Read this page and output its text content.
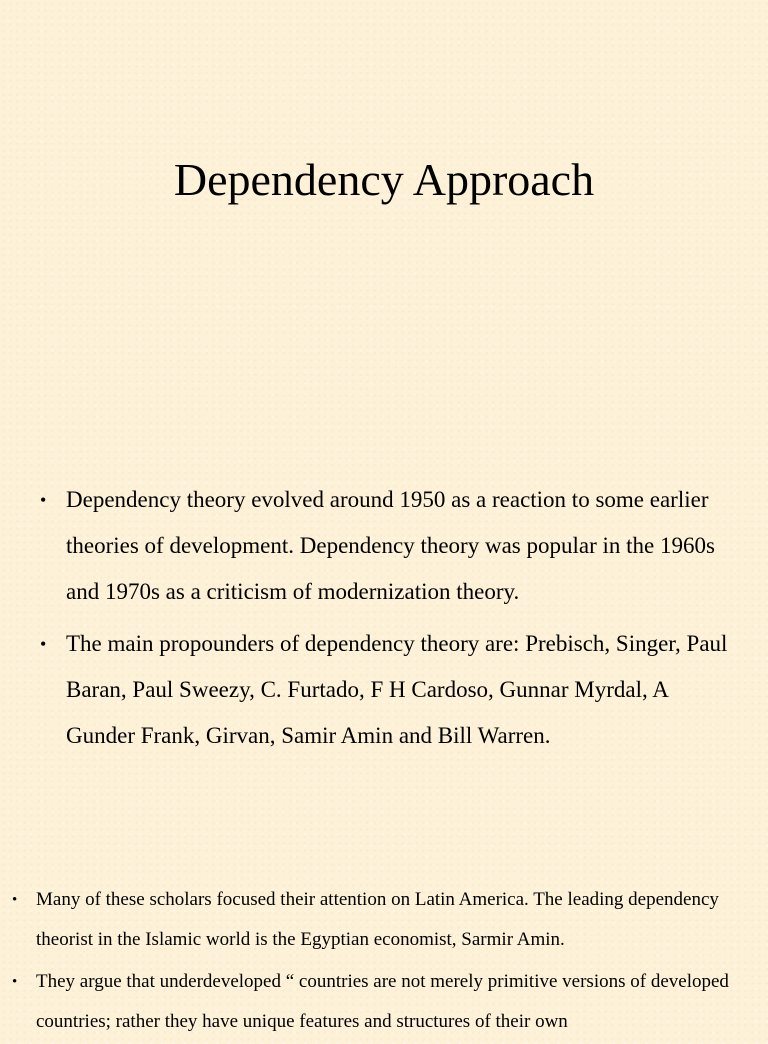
Dependency Approach
• Dependency theory evolved around 1950 as a reaction to some earlier theories of development. Dependency theory was popular in the 1960s and 1970s as a criticism of modernization theory.
• The main propounders of dependency theory are: Prebisch, Singer, Paul Baran, Paul Sweezy, C. Furtado, F H Cardoso, Gunnar Myrdal, A Gunder Frank, Girvan, Samir Amin and Bill Warren.
• Many of these scholars focused their attention on Latin America. The leading dependency theorist in the Islamic world is the Egyptian economist, Sarmir Amin.
• They argue that underdeveloped “ countries are not merely primitive versions of developed countries; rather they have unique features and structures of their own
